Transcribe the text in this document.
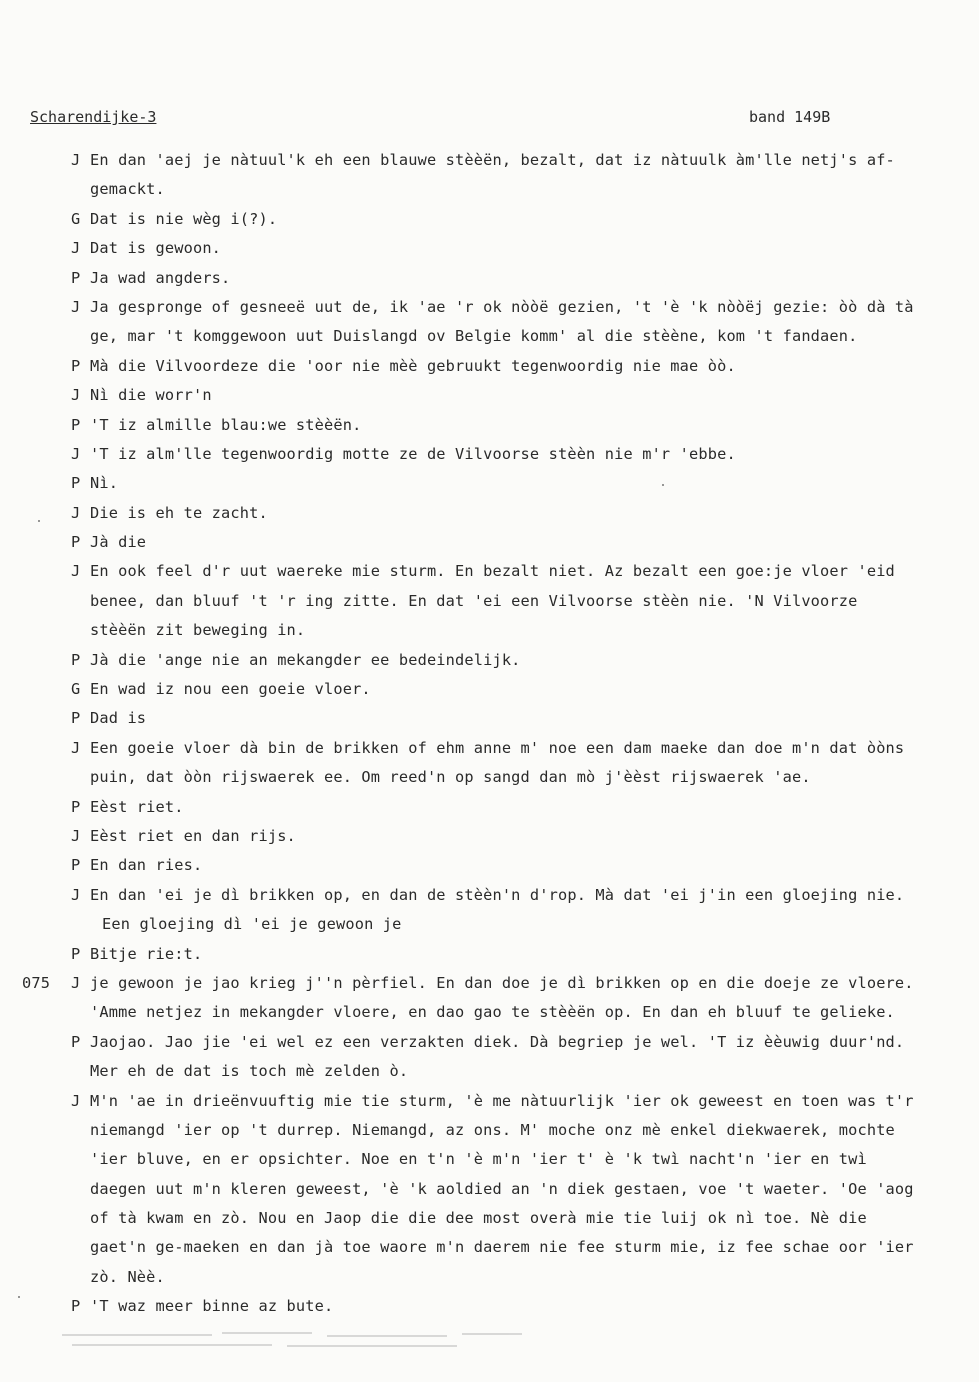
Scharendijke-3	band 149B
J En dan 'aej je nàtuul'k eh een blauwe stèèën, bezalt, dat iz nàtuulk àm'lle netj's af-
gemackt.
G Dat is nie wèg i(?).
J Dat is gewoon.
P Ja wad angders.
J Ja gespronge of gesneeë uut de, ik 'ae 'r ok nòòë gezien, 't 'è 'k nòòëj gezie: òò dà tà
ge, mar 't komggewoon uut Duislangd ov Belgie komm' al die stèène, kom 't fandaen.
P Mà die Vilvoordeze die 'oor nie mèè gebruukt tegenwoordig nie mae òò.
J Nì die worr'n
P 'T iz almille blau:we stèèën.
J 'T iz alm'lle tegenwoordig motte ze de Vilvoorse stèèn nie m'r 'ebbe.
P Nì.
J Die is eh te zacht.
P Jà die
J En ook feel d'r uut waereke mie sturm. En bezalt niet. Az bezalt een goe:je vloer 'eid
benee, dan bluuf 't 'r ing zitte. En dat 'ei een Vilvoorse stèèn nie. 'N Vilvoorze
stèèën zit beweging in.
P Jà die 'ange nie an mekangder ee bedeindelijk.
G En wad iz nou een goeie vloer.
P Dad is
J Een goeie vloer dà bin de brikken of ehm anne m' noe een dam maeke dan doe m'n dat òòns
puin, dat òòn rijswaerek ee. Om reed'n op sangd dan mò j'èèst rijswaerek 'ae.
P Eèst riet.
J Eèst riet en dan rijs.
P En dan ries.
J En dan 'ei je dì brikken op, en dan de stèèn'n d'rop. Mà dat 'ei j'in een gloejing nie.
Een gloejing dì 'ei je gewoon je
P Bitje rie:t.
075 J je gewoon je jao krieg j''n pèrfiel. En dan doe je dì brikken op en die doeje ze vloere.
'Amme netjez in mekangder vloere, en dao gao te stèèën op. En dan eh bluuf te gelieke.
P Jaojao. Jao jie 'ei wel ez een verzakten diek. Dà begriep je wel. 'T iz èèuwig duur'nd.
Mer eh de dat is toch mè zelden ò.
J M'n 'ae in drieënvuuftig mie tie sturm, 'è me nàtuurlijk 'ier ok geweest en toen was t'r
niemangd 'ier op 't durrep. Niemangd, az ons. M' moche onz mè enkel diekwaerek, mochte
'ier bluve, en er opsichter. Noe en t'n 'è m'n 'ier t' è 'k twì nacht'n 'ier en twì
daegen uut m'n kleren geweest, 'è 'k aoldied an 'n diek gestaen, voe 't waeter. 'Oe 'aog
of tà kwam en zò. Nou en Jaop die die dee most overà mie tie luij ok nì toe. Nè die
gaet'n ge-maeken en dan jà toe waore m'n daerem nie fee sturm mie, iz fee schae oor 'ier
zò. Nèè.
P 'T waz meer binne az bute.
